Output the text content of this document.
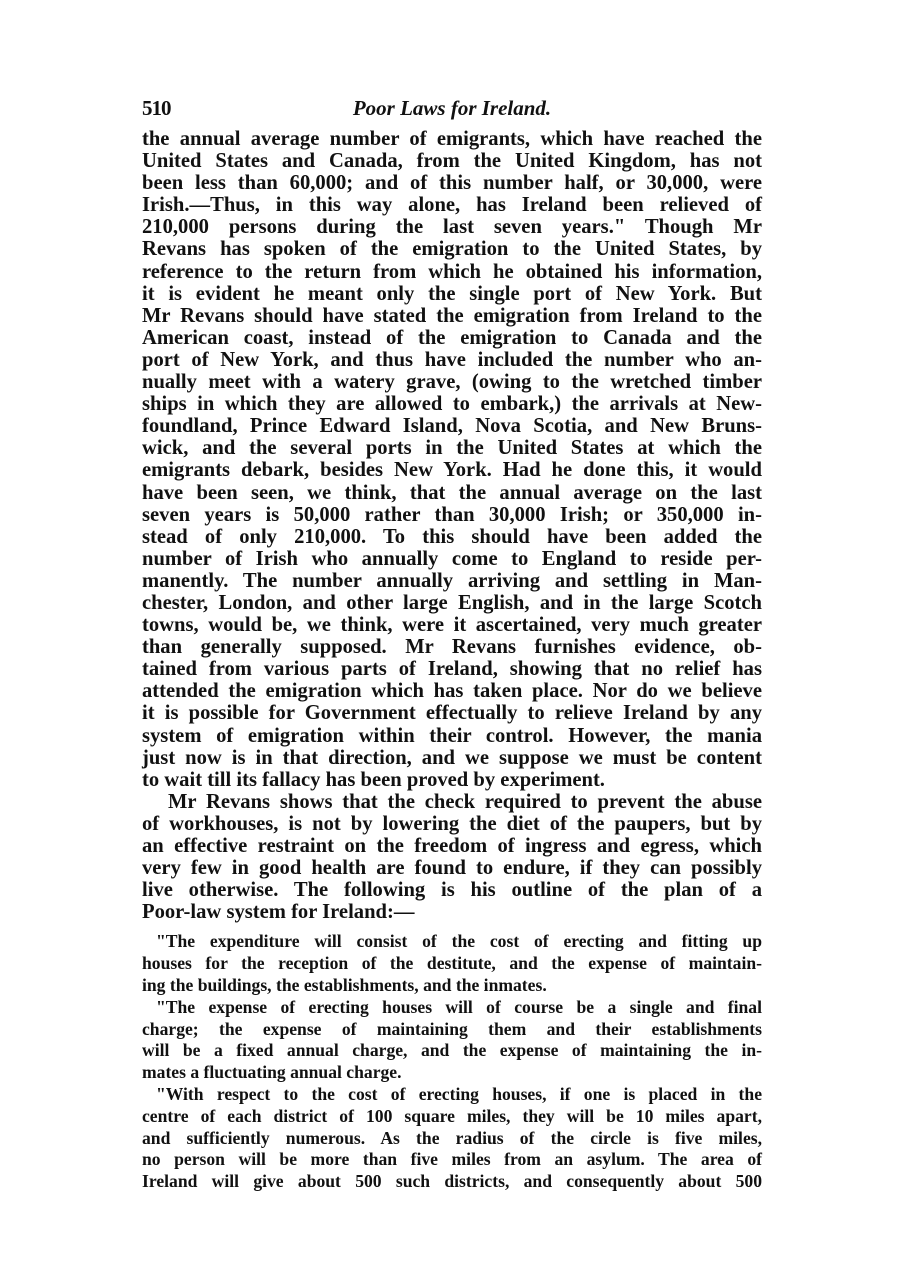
510	Poor Laws for Ireland.
the annual average number of emigrants, which have reached the
United States and Canada, from the United Kingdom, has not
been less than 60,000; and of this number half, or 30,000, were
Irish.—Thus, in this way alone, has Ireland been relieved of
210,000 persons during the last seven years." Though Mr
Revans has spoken of the emigration to the United States, by
reference to the return from which he obtained his information,
it is evident he meant only the single port of New York. But
Mr Revans should have stated the emigration from Ireland to the
American coast, instead of the emigration to Canada and the
port of New York, and thus have included the number who an-
nually meet with a watery grave, (owing to the wretched timber
ships in which they are allowed to embark,) the arrivals at New-
foundland, Prince Edward Island, Nova Scotia, and New Bruns-
wick, and the several ports in the United States at which the
emigrants debark, besides New York. Had he done this, it would
have been seen, we think, that the annual average on the last
seven years is 50,000 rather than 30,000 Irish; or 350,000 in-
stead of only 210,000. To this should have been added the
number of Irish who annually come to England to reside per-
manently. The number annually arriving and settling in Man-
chester, London, and other large English, and in the large Scotch
towns, would be, we think, were it ascertained, very much greater
than generally supposed. Mr Revans furnishes evidence, ob-
tained from various parts of Ireland, showing that no relief has
attended the emigration which has taken place. Nor do we believe
it is possible for Government effectually to relieve Ireland by any
system of emigration within their control. However, the mania
just now is in that direction, and we suppose we must be content
to wait till its fallacy has been proved by experiment.
Mr Revans shows that the check required to prevent the abuse
of workhouses, is not by lowering the diet of the paupers, but by
an effective restraint on the freedom of ingress and egress, which
very few in good health are found to endure, if they can possibly
live otherwise. The following is his outline of the plan of a
Poor-law system for Ireland:—
"The expenditure will consist of the cost of erecting and fitting up
houses for the reception of the destitute, and the expense of maintain-
ing the buildings, the establishments, and the inmates.
"The expense of erecting houses will of course be a single and final
charge; the expense of maintaining them and their establishments
will be a fixed annual charge, and the expense of maintaining the in-
mates a fluctuating annual charge.
"With respect to the cost of erecting houses, if one is placed in the
centre of each district of 100 square miles, they will be 10 miles apart,
and sufficiently numerous. As the radius of the circle is five miles,
no person will be more than five miles from an asylum. The area of
Ireland will give about 500 such districts, and consequently about 500
